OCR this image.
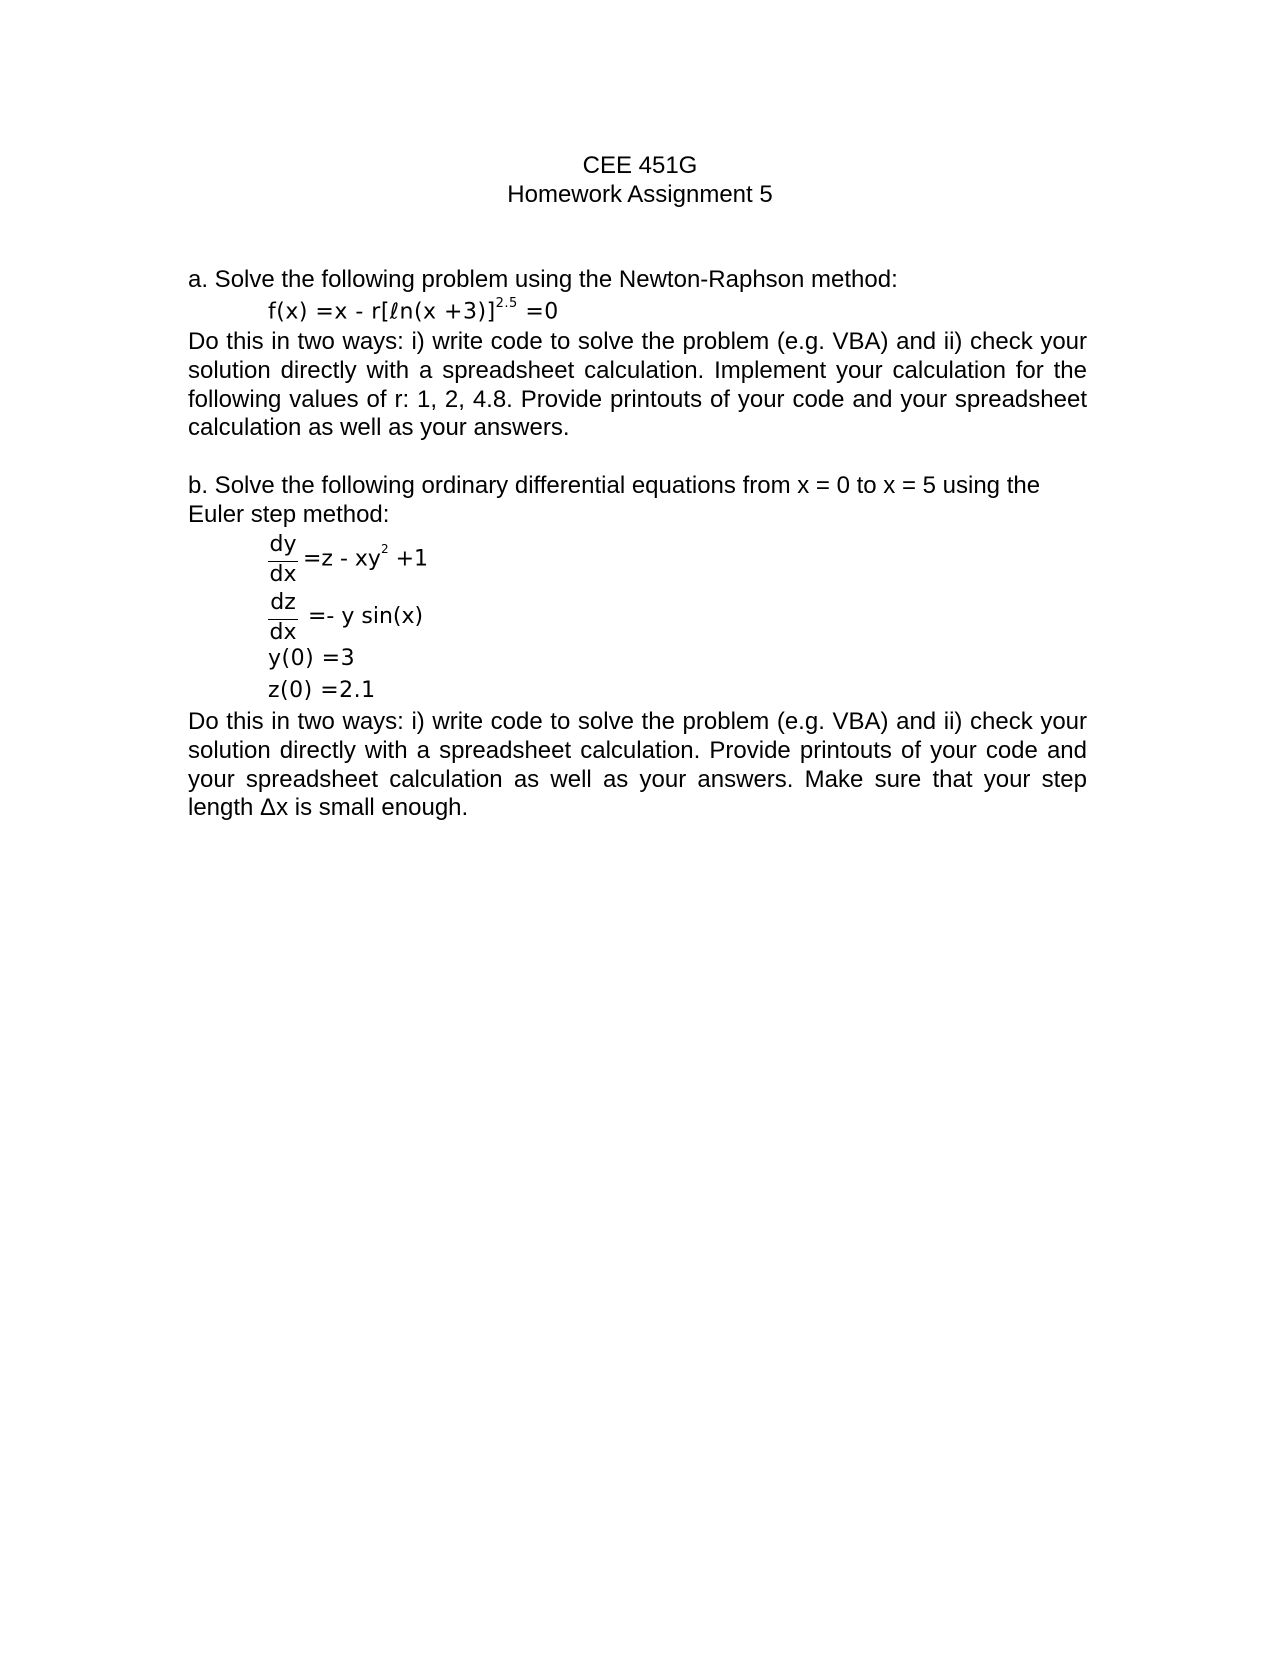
CEE 451G
Homework Assignment 5
a. Solve the following problem using the Newton-Raphson method:
f(x) =x - r[ℓn(x +3)]$^{2.5}$ =0
Do this in two ways: i) write code to solve the problem (e.g. VBA) and ii) check your solution directly with a spreadsheet calculation. Implement your calculation for the following values of r: 1, 2, 4.8. Provide printouts of your code and your spreadsheet calculation as well as your answers.
b. Solve the following ordinary differential equations from x = 0 to x = 5 using the
Euler step method:
dy
dx
$=z - xy^2 +1$
dz
dx
=- y sin(x)
y(0) =3
z(0) =2.1
Do this in two ways: i) write code to solve the problem (e.g. VBA) and ii) check your solution directly with a spreadsheet calculation. Provide printouts of your code and your spreadsheet calculation as well as your answers. Make sure that your step length Δx is small enough.
